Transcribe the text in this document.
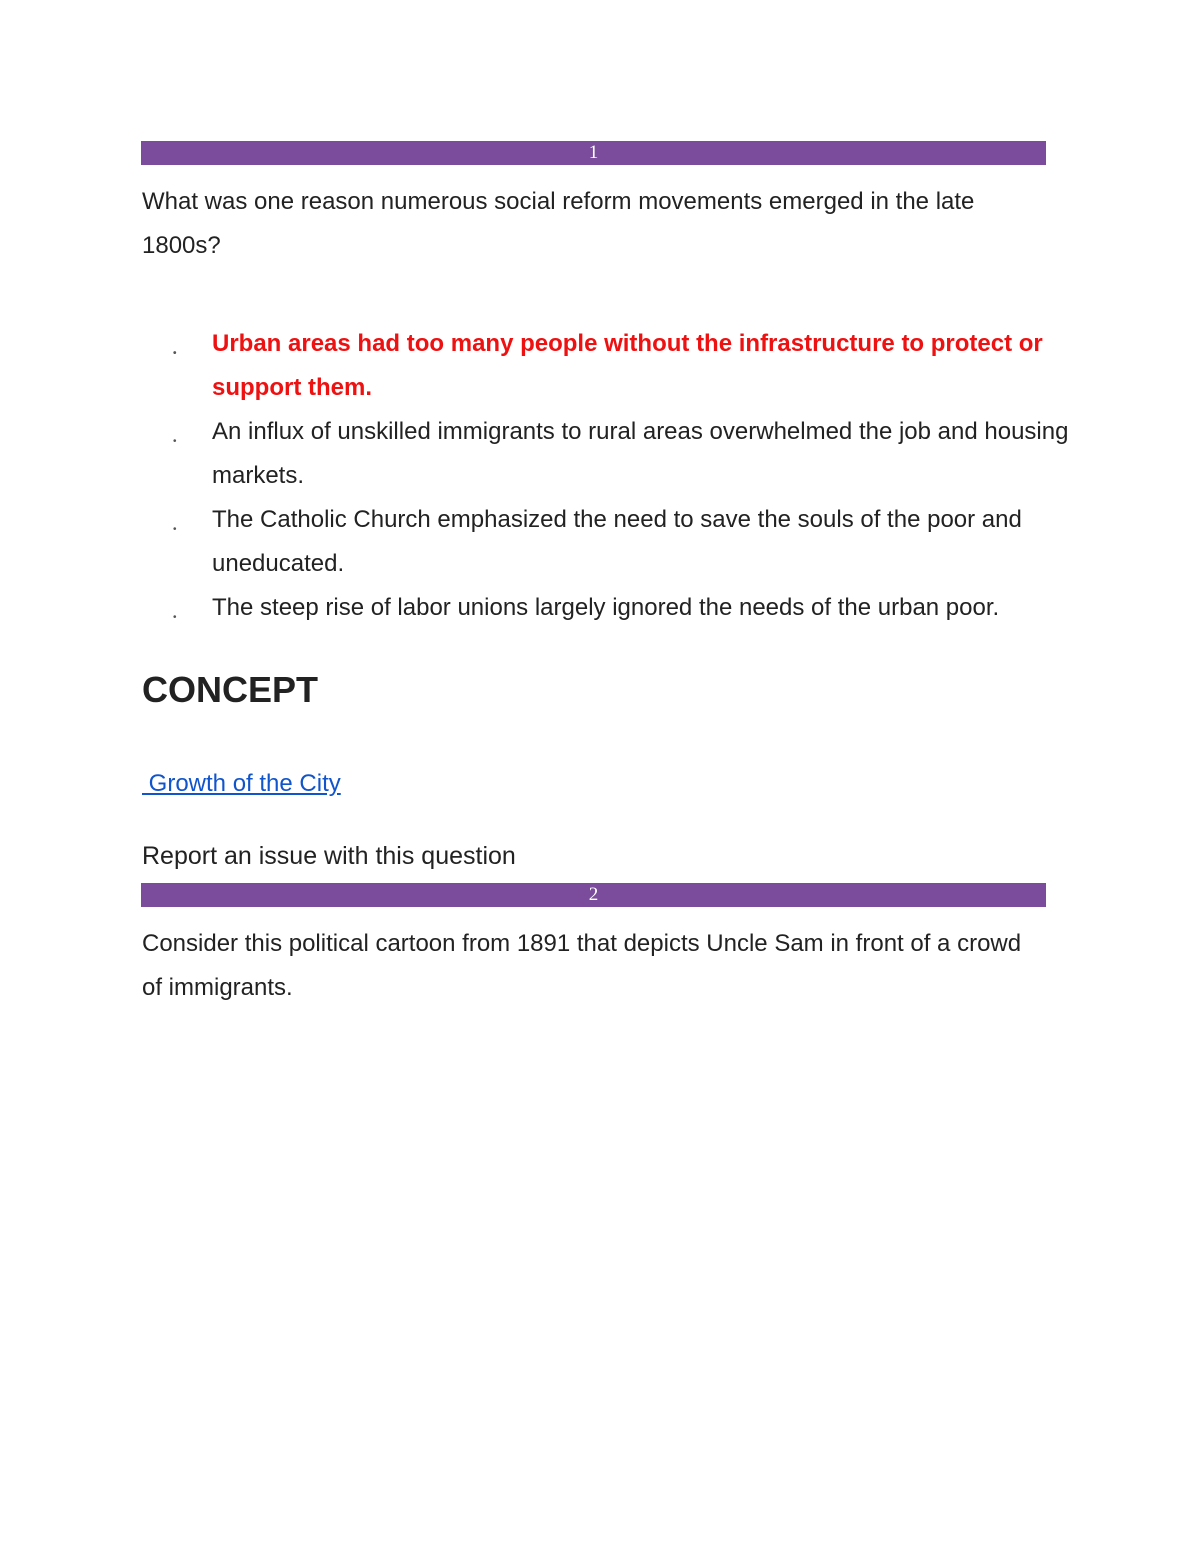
1

What was one reason numerous social reform movements emerged in the late 1800s?

• Urban areas had too many people without the infrastructure to protect or support them.
• An influx of unskilled immigrants to rural areas overwhelmed the job and housing markets.
• The Catholic Church emphasized the need to save the souls of the poor and uneducated.
• The steep rise of labor unions largely ignored the needs of the urban poor.
CONCEPT
Growth of the City
Report an issue with this question
2

Consider this political cartoon from 1891 that depicts Uncle Sam in front of a crowd of immigrants.
